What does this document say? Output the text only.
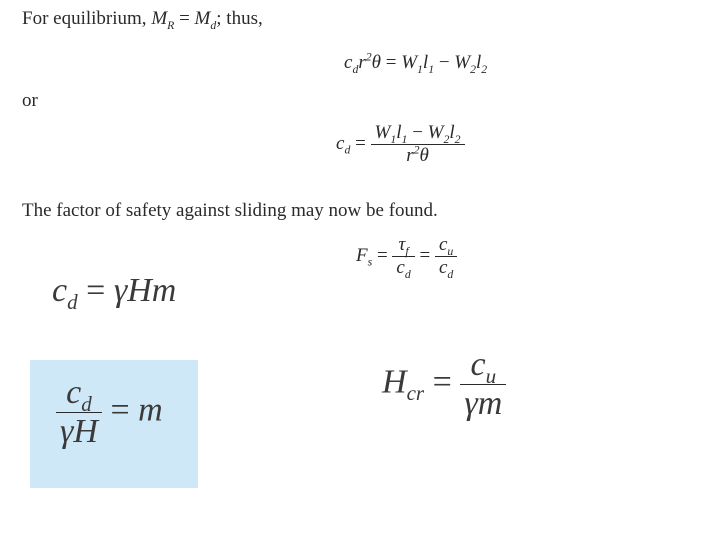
For equilibrium, $M_R = M_d$; thus,
$c_dr^2\theta = W_1l_1 - W_2l_2$
or
$c_d = \frac{W_1l_1 - W_2l_2}{r^2\theta}$
The factor of safety against sliding may now be found.
$F_s = \frac{\tau_f}{c_d} = \frac{c_u}{c_d}$
$c_d = \gamma Hm$
$\frac{c_d}{\gamma H} = m$
$H_{cr} = \frac{c_u}{\gamma m}$
